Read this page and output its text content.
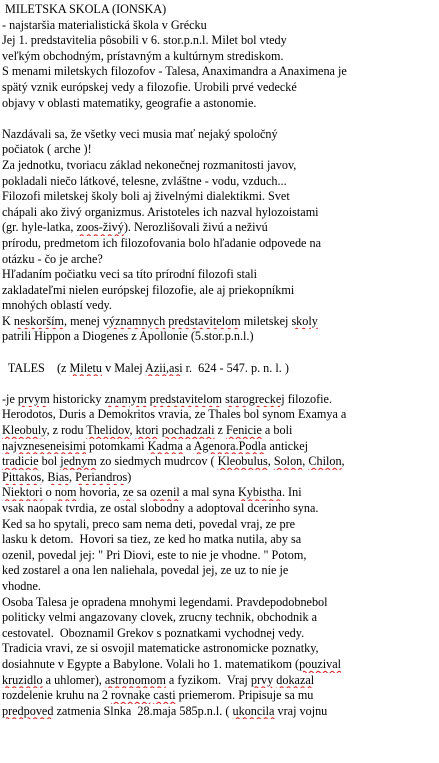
MILETSKA SKOLA (IONSKA)
- najstaršia materialistická škola v Grécku
Jej 1. predstavitelia pôsobili v 6. stor.p.n.l. Milet bol vtedy
veľkým obchodným, prístavným a kultúrnym strediskom.
S menami miletskych filozofov - Talesa, Anaximandra a Anaximena je
spätý vznik európskej vedy a filozofie. Urobili prvé vedecké
objavy v oblasti matematiky, geografie a astonomie.
Nazdávali sa, že všetky veci musia mať nejaký spoločný
počiatok ( arche )!
Za jednotku, tvoriacu základ nekonečnej rozmanitosti javov,
pokladali niečo látkové, telesne, zvláštne - vodu, vzduch...
Filozofi miletskej školy boli aj živelnými dialektikmi. Svet
chápali ako živý organizmus. Aristoteles ich nazval hylozoistami
(gr. hyle-latka, zoos-živý). Nerozlišovali živú a neživú
prírodu, predmetom ich filozofovania bolo hľadanie odpovede na
otázku - čo je arche?
Hľadaním počiatku veci sa títo prírodní filozofi stali
zakladateľmi nielen európskej filozofie, ale aj priekopníkmi
mnohých oblastí vedy.
K neskorším, menej významnych predstavitelom miletskej skoly
patrili Hippon a Diogenes z Apollonie (5.stor.p.n.l.)
TALES    (z Miletu v Malej Azii,asi r.  624 - 547. p. n. l. )
-je prvym historicky znamym predstavitelom starogreckej filozofie.
Herodotos, Duris a Demokritos vravia, ze Thales bol synom Examya a
Kleobuly, z rodu Thelidov, ktori pochadzali z Fenicie a boli
najvzneseneisimi potomkami Kadma a Agenora.Podla antickej
tradicie bol jednym zo siedmych mudrcov ( Kleobulus, Solon, Chilon,
Pittakos, Bias, Periandros)
Niektori o nom hovoria, ze sa ozenil a mal syna Kybistha. Ini
vsak naopak tvrdia, ze ostal slobodny a adoptoval dcerinho syna.
Ked sa ho spytali, preco sam nema deti, povedal vraj, ze pre
lasku k detom.  Hovori sa tiez, ze ked ho matka nutila, aby sa
ozenil, povedal jej: " Pri Diovi, este to nie je vhodne. " Potom,
ked zostarel a ona len naliehala, povedal jej, ze uz to nie je
vhodne.
Osoba Talesa je opradena mnohymi legendami. Pravdepodobnebol
politicky velmi angazovany clovek, zrucny technik, obchodnik a
cestovatel.  Oboznamil Grekov s poznatkami vychodnej vedy.
Tradicia vravi, ze si osvojil matematicke astronomicke poznatky,
dosiahnute v Egypte a Babylone. Volali ho 1. matematikom (pouzival
kruzidlo a uhlomer), astronomom a fyzikom.  Vraj prvy dokazal
rozdelenie kruhu na 2 rovnake casti priemerom. Pripisuje sa mu
predpoved zatmenia Slnka  28.maja 585p.n.l. ( ukoncila vraj vojnu
